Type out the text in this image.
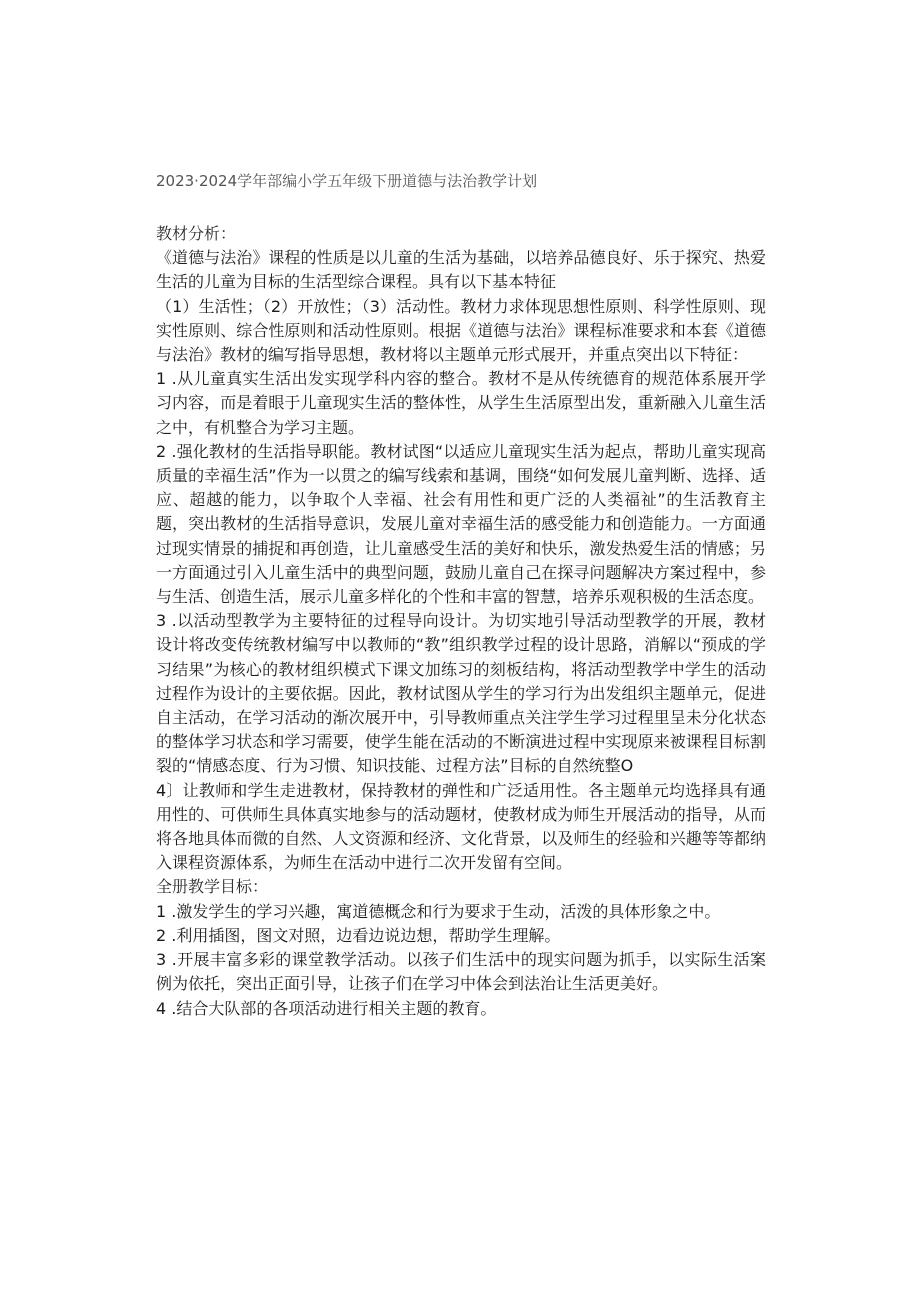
2023·2024学年部编小学五年级下册道德与法治教学计划

教材分析：

《道德与法治》课程的性质是以儿童的生活为基础，以培养品德良好、乐于探究、热爱生活的儿童为目标的生活型综合课程。具有以下基本特征

（1）生活性；（2）开放性；（3）活动性。教材力求体现思想性原则、科学性原则、现实性原则、综合性原则和活动性原则。根据《道德与法治》课程标准要求和本套《道德与法治》教材的编写指导思想，教材将以主题单元形式展开，并重点突出以下特征：

1 .从儿童真实生活出发实现学科内容的整合。教材不是从传统德育的规范体系展开学习内容，而是着眼于儿童现实生活的整体性，从学生生活原型出发，重新融入儿童生活之中，有机整合为学习主题。

2 .强化教材的生活指导职能。教材试图“以适应儿童现实生活为起点，帮助儿童实现高质量的幸福生活”作为一以贯之的编写线索和基调，围绕“如何发展儿童判断、选择、适应、超越的能力，以争取个人幸福、社会有用性和更广泛的人类福祉”的生活教育主题，突出教材的生活指导意识，发展儿童对幸福生活的感受能力和创造能力。一方面通过现实情景的捕捉和再创造，让儿童感受生活的美好和快乐，激发热爱生活的情感；另一方面通过引入儿童生活中的典型问题，鼓励儿童自己在探寻问题解决方案过程中，参与生活、创造生活，展示儿童多样化的个性和丰富的智慧，培养乐观积极的生活态度。

3 .以活动型教学为主要特征的过程导向设计。为切实地引导活动型教学的开展，教材设计将改变传统教材编写中以教师的“教”组织教学过程的设计思路，消解以“预成的学习结果”为核心的教材组织模式下课文加练习的刻板结构，将活动型教学中学生的活动过程作为设计的主要依据。因此，教材试图从学生的学习行为出发组织主题单元，促进自主活动，在学习活动的渐次展开中，引导教师重点关注学生学习过程里呈未分化状态的整体学习状态和学习需要，使学生能在活动的不断演进过程中实现原来被课程目标割裂的“情感态度、行为习惯、知识技能、过程方法”目标的自然统整O

4〕让教师和学生走进教材，保持教材的弹性和广泛适用性。各主题单元均选择具有通用性的、可供师生具体真实地参与的活动题材，使教材成为师生开展活动的指导，从而将各地具体而微的自然、人文资源和经济、文化背景，以及师生的经验和兴趣等等都纳入课程资源体系，为师生在活动中进行二次开发留有空间。

全册教学目标：

1 .激发学生的学习兴趣，寓道德概念和行为要求于生动，活泼的具体形象之中。

2 .利用插图，图文对照，边看边说边想，帮助学生理解。

3 .开展丰富多彩的课堂教学活动。以孩子们生活中的现实问题为抓手，以实际生活案例为依托，突出正面引导，让孩子们在学习中体会到法治让生活更美好。

4 .结合大队部的各项活动进行相关主题的教育。
